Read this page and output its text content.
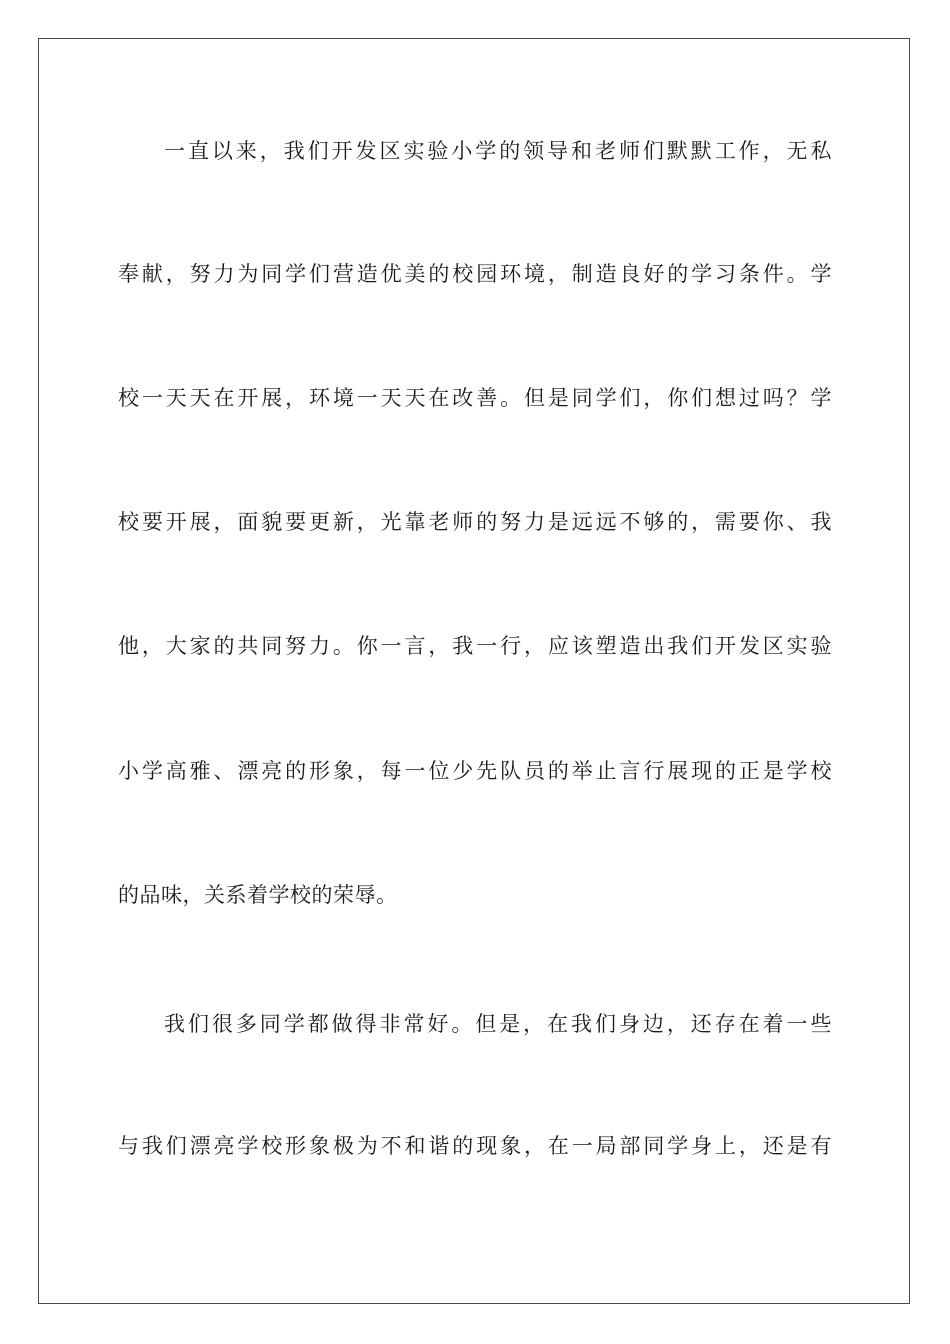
一直以来，我们开发区实验小学的领导和老师们默默工作，无私
奉献，努力为同学们营造优美的校园环境，制造良好的学习条件。学
校一天天在开展，环境一天天在改善。但是同学们，你们想过吗？学
校要开展，面貌要更新，光靠老师的努力是远远不够的，需要你、我
他，大家的共同努力。你一言，我一行，应该塑造出我们开发区实验
小学高雅、漂亮的形象，每一位少先队员的举止言行展现的正是学校
的品味，关系着学校的荣辱。
我们很多同学都做得非常好。但是，在我们身边，还存在着一些
与我们漂亮学校形象极为不和谐的现象，在一局部同学身上，还是有
